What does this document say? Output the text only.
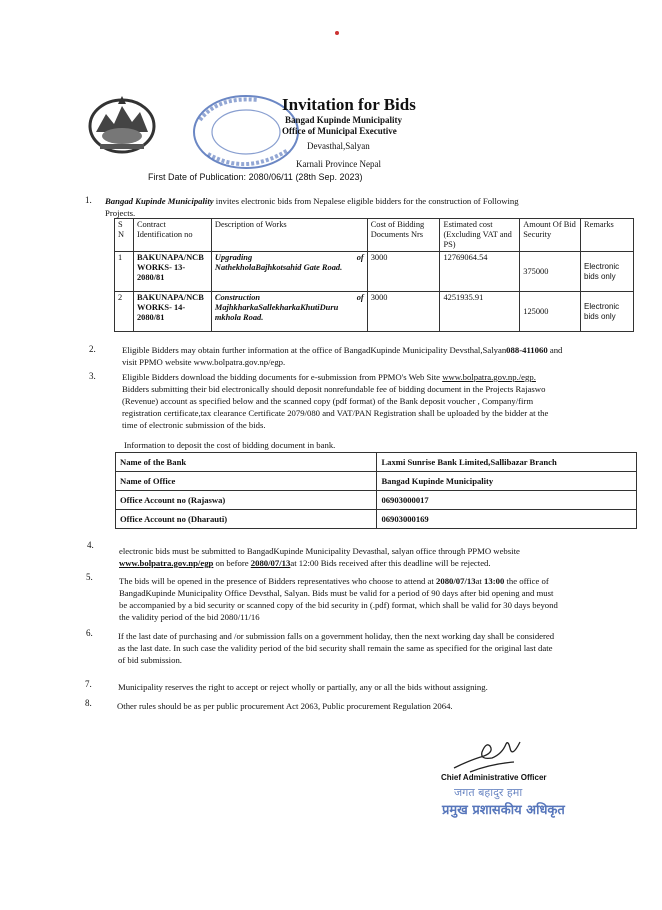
Invitation for Bids
Bangad Kupinde Municipality
Office of Municipal Executive
Devasthal,Salyan
Karnali Province Nepal
First Date of Publication: 2080/06/11 (28th Sep. 2023)
1. Bangad Kupinde Municipality invites electronic bids from Nepalese eligible bidders for the construction of Following
Projects.
S N	Contract Identification no	Description of Works	Cost of Bidding Documents Nrs	Estimated cost (Excluding VAT and PS)	Amount Of Bid Security	Remarks
1	BAKUNAPA/NCB WORKS- 13- 2080/81	Upgrading of
NathekholaBajhkotsahid Gate Road.	3000	12769064.54	375000	Electronic bids only
2	BAKUNAPA/NCB WORKS- 14- 2080/81	Construction of
MajhkharkaSallekharkaKhutiDuru mkhola Road.	3000	4251935.91	125000	Electronic bids only
2.	Eligible Bidders may obtain further information at the office of BangadKupinde Municipality Devsthal,Salyan088-411060 and
visit PPMO website www.bolpatra.gov.np/egp.
3.	Eligible Bidders download the bidding documents for e-submission from PPMO's Web Site www.bolpatra.gov.np./egp.
Bidders submitting their bid electronically should deposit nonrefundable fee of bidding document in the Projects Rajaswo
(Revenue) account as specified below and the scanned copy (pdf format) of the Bank deposit voucher , Company/firm
registration certificate,tax clearance Certificate 2079/080 and VAT/PAN Registration shall be uploaded by the bidder at the
time of electronic submission of the bids.
Information to deposit the cost of bidding document in bank.
Name of the Bank	Laxmi Sunrise Bank Limited,Sallibazar Branch
Name of Office	Bangad Kupinde Municipality
Office Account no (Rajaswa)	06903000017
Office Account no (Dharauti)	06903000169
4.
electronic bids must be submitted to BangadKupinde Municipality Devasthal, salyan office through PPMO website
www.bolpatra.gov.np/egp on before 2080/07/13at 12:00 Bids received after this deadline will be rejected.
5.	The bids will be opened in the presence of Bidders representatives who choose to attend at 2080/07/13at 13:00 the office of
BangadKupinde Municipality Office Devsthal, Salyan. Bids must be valid for a period of 90 days after bid opening and must
be accompanied by a bid security or scanned copy of the bid security in (.pdf) format, which shall be valid for 30 days beyond
the validity period of the bid 2080/11/16
6.	If the last date of purchasing and /or submission falls on a government holiday, then the next working day shall be considered
as the last date. In such case the validity period of the bid security shall remain the same as specified for the original last date
of bid submission.
7.	Municipality reserves the right to accept or reject wholly or partially, any or all the bids without assigning.
8.	Other rules should be as per public procurement Act 2063, Public procurement Regulation 2064.
Chief Administrative Officer
जगत बहादुर हमा
प्रमुख प्रशासकीय अधिकृत
